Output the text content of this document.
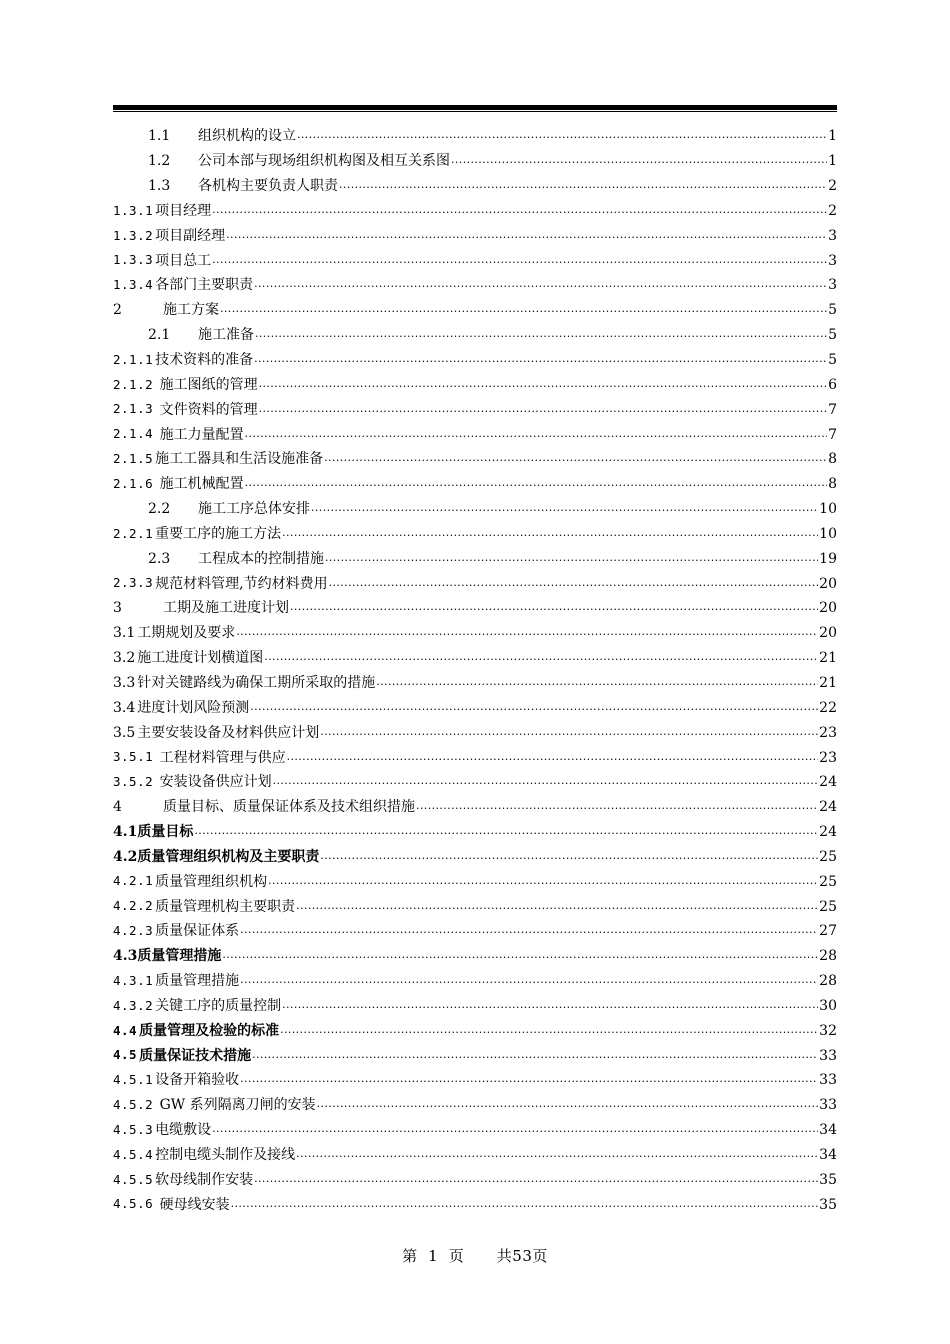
1.1	组织机构的设立 .....	1
1.2	公司本部与现场组织机构图及相互关系图 .....	1
1.3	各机构主要负责人职责 .....	2
1.3.1 项目经理 .....	2
1.3.2 项目副经理 .....	3
1.3.3 项目总工 .....	3
1.3.4 各部门主要职责 .....	3
2	施工方案 .....	5
2.1	施工准备 .....	5
2.1.1 技术资料的准备 .....	5
2.1.2 施工图纸的管理 .....	6
2.1.3 文件资料的管理 .....	7
2.1.4 施工力量配置 .....	7
2.1.5 施工工器具和生活设施准备 .....	8
2.1.6 施工机械配置 .....	8
2.2	施工工序总体安排 .....	10
2.2.1 重要工序的施工方法 .....	10
2.3	工程成本的控制措施 .....	19
2.3.3 规范材料管理,节约材料费用 .....	20
3	工期及施工进度计划 .....	20
3.1 工期规划及要求 .....	20
3.2 施工进度计划横道图 .....	21
3.3 针对关键路线为确保工期所采取的措施 .....	21
3.4 进度计划风险预测 .....	22
3.5 主要安装设备及材料供应计划 .....	23
3.5.1 工程材料管理与供应 .....	23
3.5.2 安装设备供应计划 .....	24
4	质量目标、质量保证体系及技术组织措施 .....	24
4.1 质量目标 .....	24
4.2 质量管理组织机构及主要职责 .....	25
4.2.1 质量管理组织机构 .....	25
4.2.2 质量管理机构主要职责 .....	25
4.2.3 质量保证体系 .....	27
4.3 质量管理措施 .....	28
4.3.1 质量管理措施 .....	28
4.3.2 关键工序的质量控制 .....	30
4.4 质量管理及检验的标准 .....	32
4.5 质量保证技术措施 .....	33
4.5.1 设备开箱验收 .....	33
4.5.2 GW 系列隔离刀闸的安装 .....	33
4.5.3 电缆敷设 .....	34
4.5.4 控制电缆头制作及接线 .....	34
4.5.5 软母线制作安装 .....	35
4.5.6 硬母线安装 .....	35
第  1  页 共53页
